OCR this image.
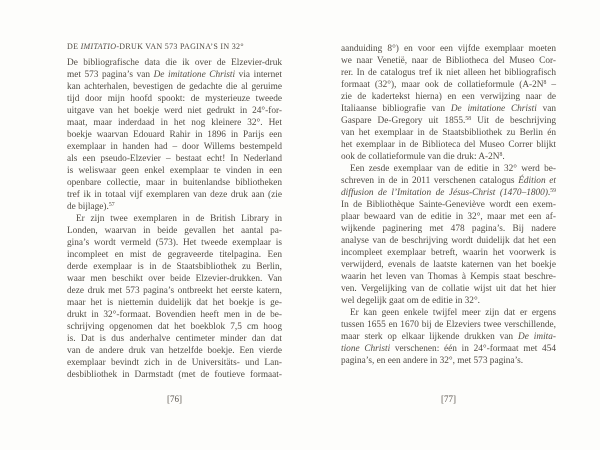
DE IMITATIO-DRUK VAN 573 PAGINA’S IN 32°
De bibliografische data die ik over de Elzevier-druk
met 573 pagina’s van De imitatione Christi via internet
kan achterhalen, bevestigen de gedachte die al geruime
tijd door mijn hoofd spookt: de mysterieuze tweede
uitgave van het boekje werd niet gedrukt in 24°-for-
maat, maar inderdaad in het nog kleinere 32°. Het
boekje waarvan Edouard Rahir in 1896 in Parijs een
exemplaar in handen had – door Willems bestempeld
als een pseudo-Elzevier – bestaat echt! In Nederland
is weliswaar geen enkel exemplaar te vinden in een
openbare collectie, maar in buitenlandse bibliotheken
tref ik in totaal vijf exemplaren van deze druk aan (zie
de bijlage).$^{57}$
Er zijn twee exemplaren in de British Library in
Londen, waarvan in beide gevallen het aantal pa-
gina’s wordt vermeld (573). Het tweede exemplaar is
incompleet en mist de gegraveerde titelpagina. Een
derde exemplaar is in de Staatsbibliothek zu Berlin,
waar men beschikt over beide Elzevier-drukken. Van
deze druk met 573 pagina’s ontbreekt het eerste katern,
maar het is niettemin duidelijk dat het boekje is ge-
drukt in 32°-formaat. Bovendien heeft men in de be-
schrijving opgenomen dat het boekblok 7,5 cm hoog
is. Dat is dus anderhalve centimeter minder dan dat
van de andere druk van hetzelfde boekje. Een vierde
exemplaar bevindt zich in de Universitäts- und Lan-
desbibliothek in Darmstadt (met de foutieve formaat-
[76]
aanduiding 8°) en voor een vijfde exemplaar moeten
we naar Venetië, naar de Bibliotheca del Museo Cor-
rer. In de catalogus tref ik niet alleen het bibliografisch
formaat (32°), maar ook de collatieformule ($A-2N^8$ –
zie de kadertekst hierna) en een verwijzing naar de
Italiaanse bibliografie van De imitatione Christi van
Gaspare De-Gregory uit 1855.58 Uit de beschrijving
van het exemplaar in de Staatsbibliothek zu Berlin én
het exemplaar in de Biblioteca del Museo Correr blijkt
ook de collatieformule van die druk: $A-2N^8$.
Een zesde exemplaar van de editie in 32° werd be-
schreven in de in 2011 verschenen catalogus Édition et
diffusion de l’Imitation de Jésus-Christ (1470–1800).$^{59}$
In de Bibliothèque Sainte-Geneviève wordt een exem-
plaar bewaard van de editie in 32°, maar met een af-
wijkende paginering met 478 pagina’s. Bij nadere
analyse van de beschrijving wordt duidelijk dat het een
incompleet exemplaar betreft, waarin het voorwerk is
verwijderd, evenals de laatste katernen van het boekje
waarin het leven van Thomas à Kempis staat beschre-
ven. Vergelijking van de collatie wijst uit dat het hier
wel degelijk gaat om de editie in 32°.
Er kan geen enkele twijfel meer zijn dat er ergens
tussen 1655 en 1670 bij de Elzeviers twee verschillende,
maar sterk op elkaar lijkende drukken van De imita-
tione Christi verschenen: één in 24°-formaat met 454
pagina’s, en een andere in 32°, met 573 pagina’s.
[77]
